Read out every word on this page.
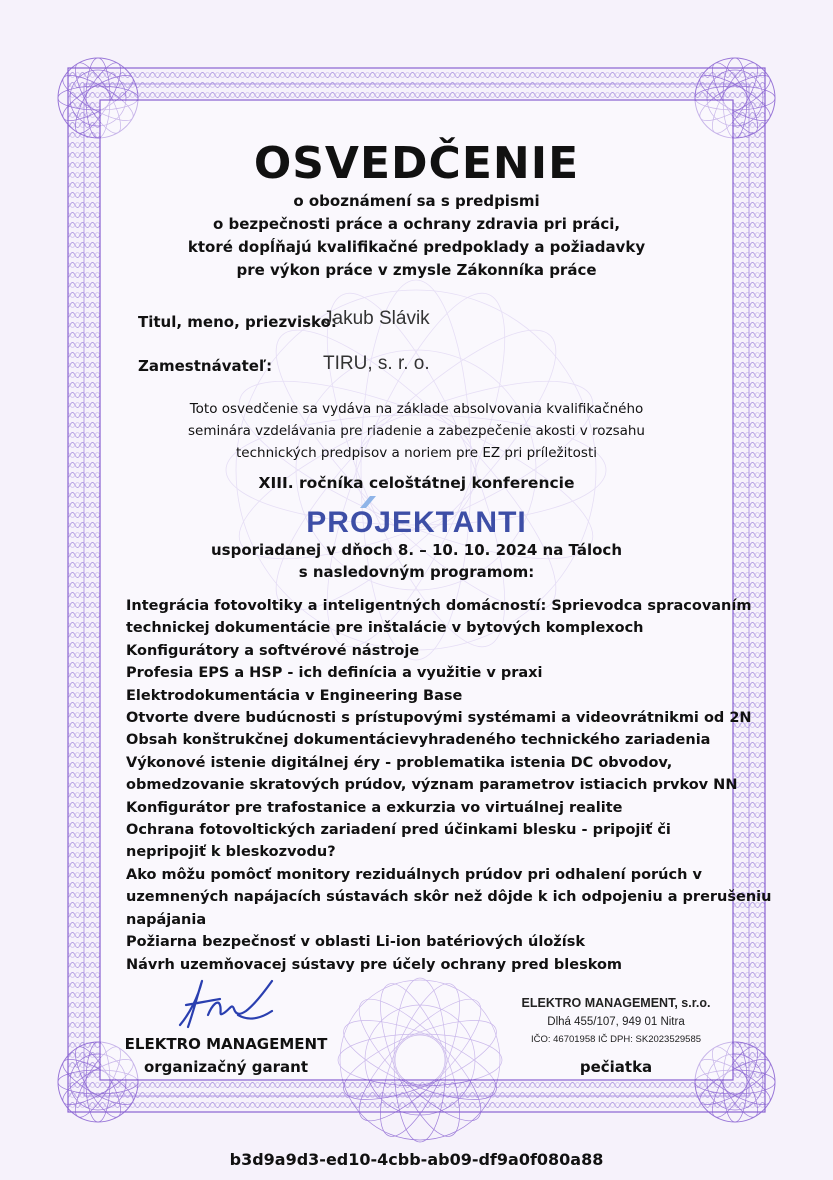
OSVEDČENIE
o oboznámení sa s predpismi
o bezpečnosti práce a ochrany zdravia pri práci,
ktoré dopĺňajú kvalifikačné predpoklady a požiadavky
pre výkon práce v zmysle Zákonníka práce
Titul, meno, priezvisko:
Jakub Slávik
Zamestnávateľ:	TIRU, s. r. o.
Toto osvedčenie sa vydáva na základe absolvovania kvalifikačného
seminára vzdelávania pre riadenie a zabezpečenie akosti v rozsahu
technických predpisov a noriem pre EZ pri príležitosti
XIII. ročníka celoštátnej konferencie
PROJEKTANTI
usporiadanej v dňoch 8. – 10. 10. 2024 na Táloch
s nasledovným programom:
Integrácia fotovoltiky a inteligentných domácností: Sprievodca spracovaním
technickej dokumentácie pre inštalácie v bytových komplexoch
Konfigurátory a softvérové nástroje
Profesia EPS a HSP - ich definícia a využitie v praxi
Elektrodokumentácia v Engineering Base
Otvorte dvere budúcnosti s prístupovými systémami a videovrátnikmi od 2N
Obsah konštrukčnej dokumentácievyhradeného technického zariadenia
Výkonové istenie digitálnej éry - problematika istenia DC obvodov,
obmedzovanie skratových prúdov, význam parametrov istiacich prvkov NN
Konfigurátor pre trafostanice a exkurzia vo virtuálnej realite
Ochrana fotovoltických zariadení pred účinkami blesku - pripojiť či
nepripojiť k bleskozvodu?
Ako môžu pomôcť monitory reziduálnych prúdov pri odhalení porúch v
uzemnených napájacích sústavách skôr než dôjde k ich odpojeniu a prerušeniu
napájania
Požiarna bezpečnosť v oblasti Li-ion batériových úložísk
Návrh uzemňovacej sústavy pre účely ochrany pred bleskom
ELEKTRO MANAGEMENT
organizačný garant
ELEKTRO MANAGEMENT, s.r.o.
Dlhá 455/107, 949 01 Nitra
IČO: 46701958 IČ DPH: SK2023529585
pečiatka
b3d9a9d3-ed10-4cbb-ab09-df9a0f080a88
